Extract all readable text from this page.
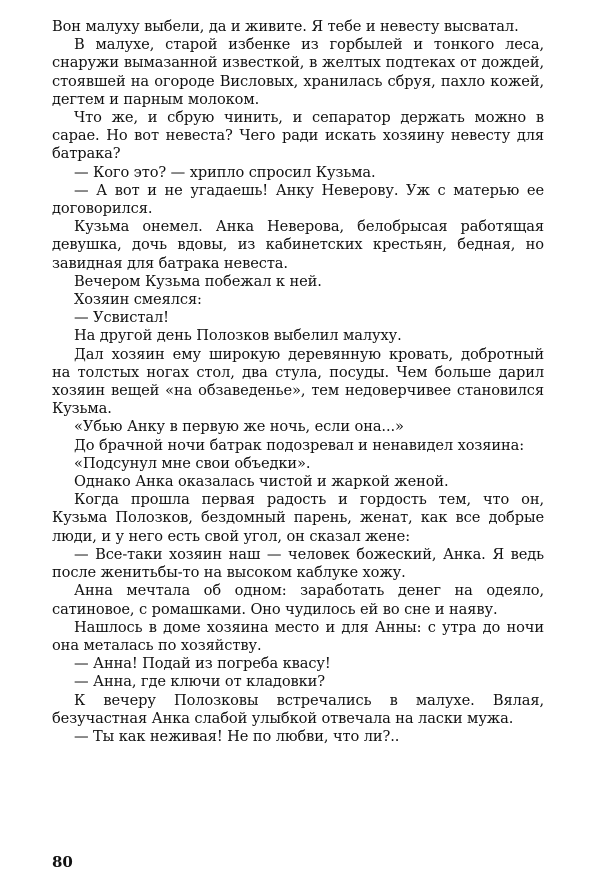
Вон малуху выбели, да и живите. Я тебе и невесту высватал.

В малухе, старой избенке из горбылей и тонкого леса, снаружи вымазанной известкой, в желтых подтеках от дождей, стоявшей на огороде Висловых, хранилась сбруя, пахло кожей, дегтем и парным молоком.

Что же, и сбрую чинить, и сепаратор держать можно в сарае. Но вот невеста? Чего ради искать хозяину невесту для батрака?

— Кого это? — хрипло спросил Кузьма.

— А вот и не угадаешь! Анку Неверову. Уж с матерью ее договорился.

Кузьма онемел. Анка Неверова, белобрысая работящая девушка, дочь вдовы, из кабинетских крестьян, бедная, но завидная для батрака невеста.

Вечером Кузьма побежал к ней.

Хозяин смеялся:

— Усвистал!

На другой день Полозков выбелил малуху.

Дал хозяин ему широкую деревянную кровать, добротный на толстых ногах стол, два стула, посуды. Чем больше дарил хозяин вещей «на обзаведенье», тем недоверчивее становился Кузьма.

«Убью Анку в первую же ночь, если она...»

До брачной ночи батрак подозревал и ненавидел хозяина:

«Подсунул мне свои объедки».

Однако Анка оказалась чистой и жаркой женой.

Когда прошла первая радость и гордость тем, что он, Кузьма Полозков, бездомный парень, женат, как все добрые люди, и у него есть свой угол, он сказал жене:

— Все-таки хозяин наш — человек божеский, Анка. Я ведь после женитьбы-то на высоком каблуке хожу.

Анна мечтала об одном: заработать денег на одеяло, сатиновое, с ромашками. Оно чудилось ей во сне и наяву.

Нашлось в доме хозяина место и для Анны: с утра до ночи она металась по хозяйству.

— Анна! Подай из погреба квасу!

— Анна, где ключи от кладовки?

К вечеру Полозковы встречались в малухе. Вялая, безучастная Анка слабой улыбкой отвечала на ласки мужа.

— Ты как неживая! Не по любви, что ли?..

80
